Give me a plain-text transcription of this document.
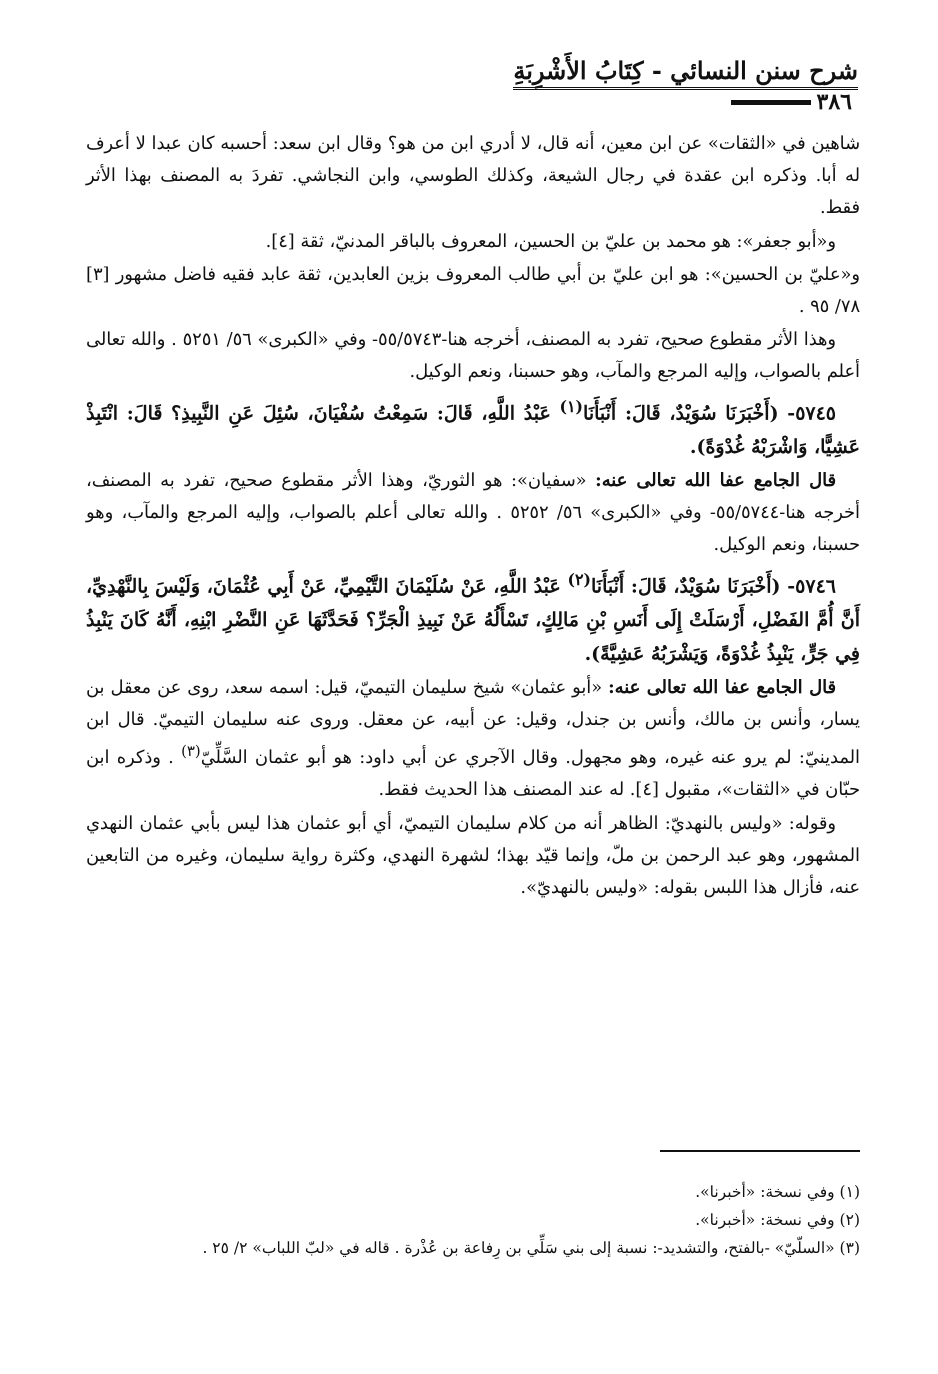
شرح سنن النسائي - كِتَابُ الأَشْرِبَةِ
٣٨٦

شاهين في «الثقات» عن ابن معين، أنه قال، لا أدري ابن من هو؟ وقال ابن سعد: أحسبه كان عبدا لا أعرف له أبا. وذكره ابن عقدة في رجال الشيعة، وكذلك الطوسي، وابن النجاشي. تفردَ به المصنف بهذا الأثر فقط.

و«أبو جعفر»: هو محمد بن عليّ بن الحسين، المعروف بالباقر المدنيّ، ثقة [٤].

و«عليّ بن الحسين»: هو ابن عليّ بن أبي طالب المعروف بزين العابدين، ثقة عابد فقيه فاضل مشهور [٣] ٧٨/ ٩٥ .

وهذا الأثر مقطوع صحيح، تفرد به المصنف، أخرجه هنا-٥٥/٥٧٤٣- وفي «الكبرى» ٥٦/ ٥٢٥١ . والله تعالى أعلم بالصواب، وإليه المرجع والمآب، وهو حسبنا، ونعم الوكيل.

٥٧٤٥- (أَخْبَرَنَا سُوَيْدٌ، قَالَ: أَنْبَأَنَا$^{(١)}$ عَبْدُ اللَّهِ، قَالَ: سَمِعْتُ سُفْيَانَ، سُئِلَ عَنِ النَّبِيذِ؟ قَالَ: انْتَبِذْ عَشِيًّا، وَاشْرَبْهُ غُدْوَةً).

قال الجامع عفا الله تعالى عنه: «سفيان»: هو الثوريّ، وهذا الأثر مقطوع صحيح، تفرد به المصنف، أخرجه هنا-٥٥/٥٧٤٤- وفي «الكبرى» ٥٦/ ٥٢٥٢ . والله تعالى أعلم بالصواب، وإليه المرجع والمآب، وهو حسبنا، ونعم الوكيل.

٥٧٤٦- (أَخْبَرَنَا سُوَيْدٌ، قَالَ: أَنْبَأَنَا$^{(٢)}$ عَبْدُ اللَّهِ، عَنْ سُلَيْمَانَ التَّيْمِيِّ، عَنْ أَبِي عُثْمَانَ، وَلَيْسَ بِالنَّهْدِيِّ، أَنَّ أُمَّ الفَضْلِ، أَرْسَلَتْ إِلَى أَنَسِ بْنِ مَالِكٍ، تَسْأَلُهُ عَنْ نَبِيذِ الْجَرِّ؟ فَحَدَّثَهَا عَنِ النَّضْرِ ابْنِهِ، أَنَّهُ كَانَ يَنْبِذُ فِي جَرٍّ، يَنْبِذُ غُدْوَةً، وَيَشْرَبُهُ عَشِيَّةً).

قال الجامع عفا الله تعالى عنه: «أبو عثمان» شيخ سليمان التيميّ، قيل: اسمه سعد، روى عن معقل بن يسار، وأنس بن مالك، وأنس بن جندل، وقيل: عن أبيه، عن معقل. وروى عنه سليمان التيميّ. قال ابن المدينيّ: لم يرو عنه غيره، وهو مجهول. وقال الآجري عن أبي داود: هو أبو عثمان السَّلِّيّ$^{(٣)}$ . وذكره ابن حبّان في «الثقات»، مقبول [٤]. له عند المصنف هذا الحديث فقط.

وقوله: «وليس بالنهديّ: الظاهر أنه من كلام سليمان التيميّ، أي أبو عثمان هذا ليس بأبي عثمان النهدي المشهور، وهو عبد الرحمن بن ملّ، وإنما قيّد بهذا؛ لشهرة النهدي، وكثرة رواية سليمان، وغيره من التابعين عنه، فأزال هذا اللبس بقوله: «وليس بالنهديّ».

(١) وفي نسخة: «أخبرنا».
(٢) وفي نسخة: «أخبرنا».
(٣) «السلّيّ» -بالفتح، والتشديد-: نسبة إلى بني سَلِّي بن رِفاعة بن عُذْرة . قاله في «لبّ اللباب» ٢/ ٢٥ .
